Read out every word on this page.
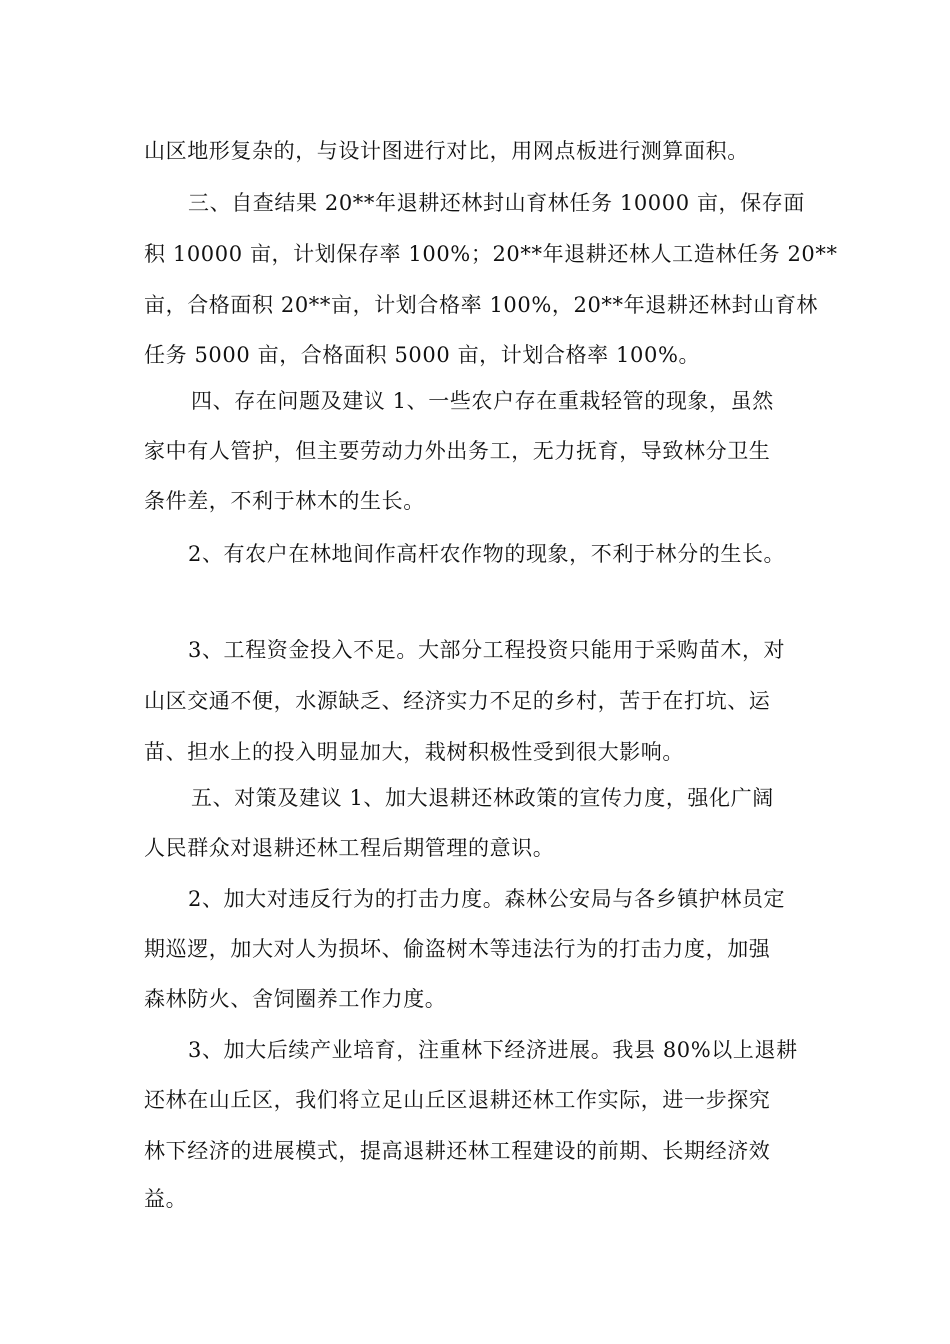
山区地形复杂的，与设计图进行对比，用网点板进行测算面积。
三、自查结果 20**年退耕还林封山育林任务 10000 亩，保存面
积 10000 亩，计划保存率 100%；20**年退耕还林人工造林任务 20**
亩，合格面积 20**亩，计划合格率 100%，20**年退耕还林封山育林
任务 5000 亩，合格面积 5000 亩，计划合格率 100%。
四、存在问题及建议 1、一些农户存在重栽轻管的现象，虽然
家中有人管护，但主要劳动力外出务工，无力抚育，导致林分卫生
条件差，不利于林木的生长。
2、有农户在林地间作高杆农作物的现象，不利于林分的生长。
3、工程资金投入不足。大部分工程投资只能用于采购苗木，对
山区交通不便，水源缺乏、经济实力不足的乡村，苦于在打坑、运
苗、担水上的投入明显加大，栽树积极性受到很大影响。
五、对策及建议 1、加大退耕还林政策的宣传力度，强化广阔
人民群众对退耕还林工程后期管理的意识。
2、加大对违反行为的打击力度。森林公安局与各乡镇护林员定
期巡逻，加大对人为损坏、偷盗树木等违法行为的打击力度，加强
森林防火、舍饲圈养工作力度。
3、加大后续产业培育，注重林下经济进展。我县 80%以上退耕
还林在山丘区，我们将立足山丘区退耕还林工作实际，进一步探究
林下经济的进展模式，提高退耕还林工程建设的前期、长期经济效
益。
